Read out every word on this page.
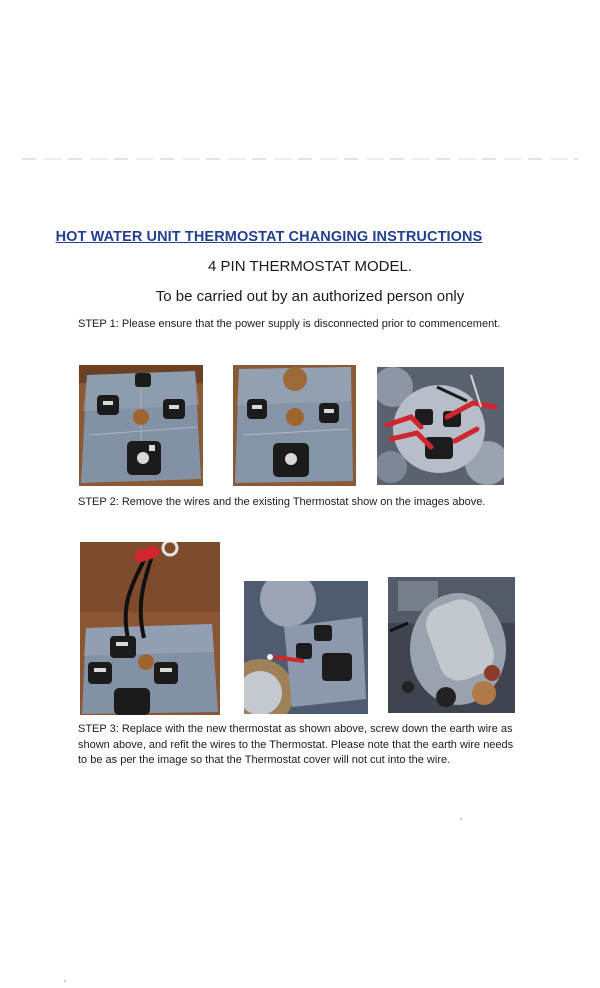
HOT WATER UNIT THERMOSTAT CHANGING INSTRUCTIONS
4 PIN THERMOSTAT MODEL.
To be carried out by an authorized person only
STEP 1: Please ensure that the power supply is disconnected prior to commencement.
STEP 2: Remove the wires and the existing Thermostat show on the images above.
STEP 3: Replace with the new thermostat as shown above, screw down the earth wire as shown above, and refit the wires to the Thermostat. Please note that the earth wire needs to be as per the image so that the Thermostat cover will not cut into the wire.
